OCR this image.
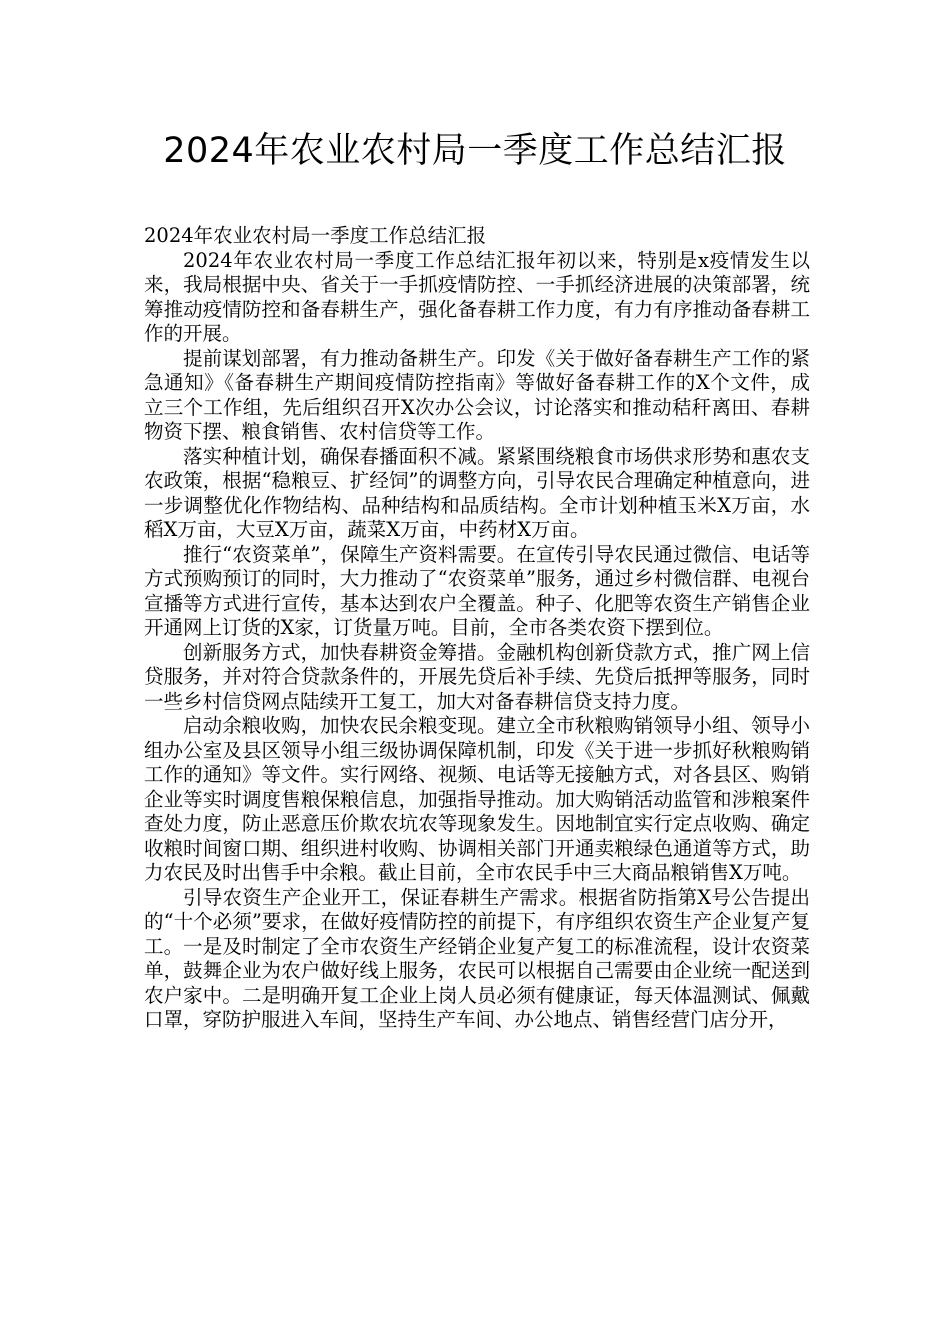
2024年农业农村局一季度工作总结汇报

2024年农业农村局一季度工作总结汇报

2024年农业农村局一季度工作总结汇报年初以来，特别是x疫情发生以来，我局根据中央、省关于一手抓疫情防控、一手抓经济进展的决策部署，统筹推动疫情防控和备春耕生产，强化备春耕工作力度，有力有序推动备春耕工作的开展。

提前谋划部署，有力推动备耕生产。印发《关于做好备春耕生产工作的紧急通知》《备春耕生产期间疫情防控指南》等做好备春耕工作的X个文件，成立三个工作组，先后组织召开X次办公会议，讨论落实和推动秸秆离田、春耕物资下摆、粮食销售、农村信贷等工作。

落实种植计划，确保春播面积不减。紧紧围绕粮食市场供求形势和惠农支农政策，根据“稳粮豆、扩经饲”的调整方向，引导农民合理确定种植意向，进一步调整优化作物结构、品种结构和品质结构。全市计划种植玉米X万亩，水稻X万亩，大豆X万亩，蔬菜X万亩，中药材X万亩。

推行“农资菜单”，保障生产资料需要。在宣传引导农民通过微信、电话等方式预购预订的同时，大力推动了“农资菜单”服务，通过乡村微信群、电视台宣播等方式进行宣传，基本达到农户全覆盖。种子、化肥等农资生产销售企业开通网上订货的X家，订货量万吨。目前，全市各类农资下摆到位。

创新服务方式，加快春耕资金筹措。金融机构创新贷款方式，推广网上信贷服务，并对符合贷款条件的，开展先贷后补手续、先贷后抵押等服务，同时一些乡村信贷网点陆续开工复工，加大对备春耕信贷支持力度。

启动余粮收购，加快农民余粮变现。建立全市秋粮购销领导小组、领导小组办公室及县区领导小组三级协调保障机制，印发《关于进一步抓好秋粮购销工作的通知》等文件。实行网络、视频、电话等无接触方式，对各县区、购销企业等实时调度售粮保粮信息，加强指导推动。加大购销活动监管和涉粮案件查处力度，防止恶意压价欺农坑农等现象发生。因地制宜实行定点收购、确定收粮时间窗口期、组织进村收购、协调相关部门开通卖粮绿色通道等方式，助力农民及时出售手中余粮。截止目前，全市农民手中三大商品粮销售X万吨。

引导农资生产企业开工，保证春耕生产需求。根据省防指第X号公告提出的“十个必须”要求，在做好疫情防控的前提下，有序组织农资生产企业复产复工。一是及时制定了全市农资生产经销企业复产复工的标准流程，设计农资菜单，鼓舞企业为农户做好线上服务，农民可以根据自己需要由企业统一配送到农户家中。二是明确开复工企业上岗人员必须有健康证，每天体温测试、佩戴口罩，穿防护服进入车间，坚持生产车间、办公地点、销售经营门店分开，
